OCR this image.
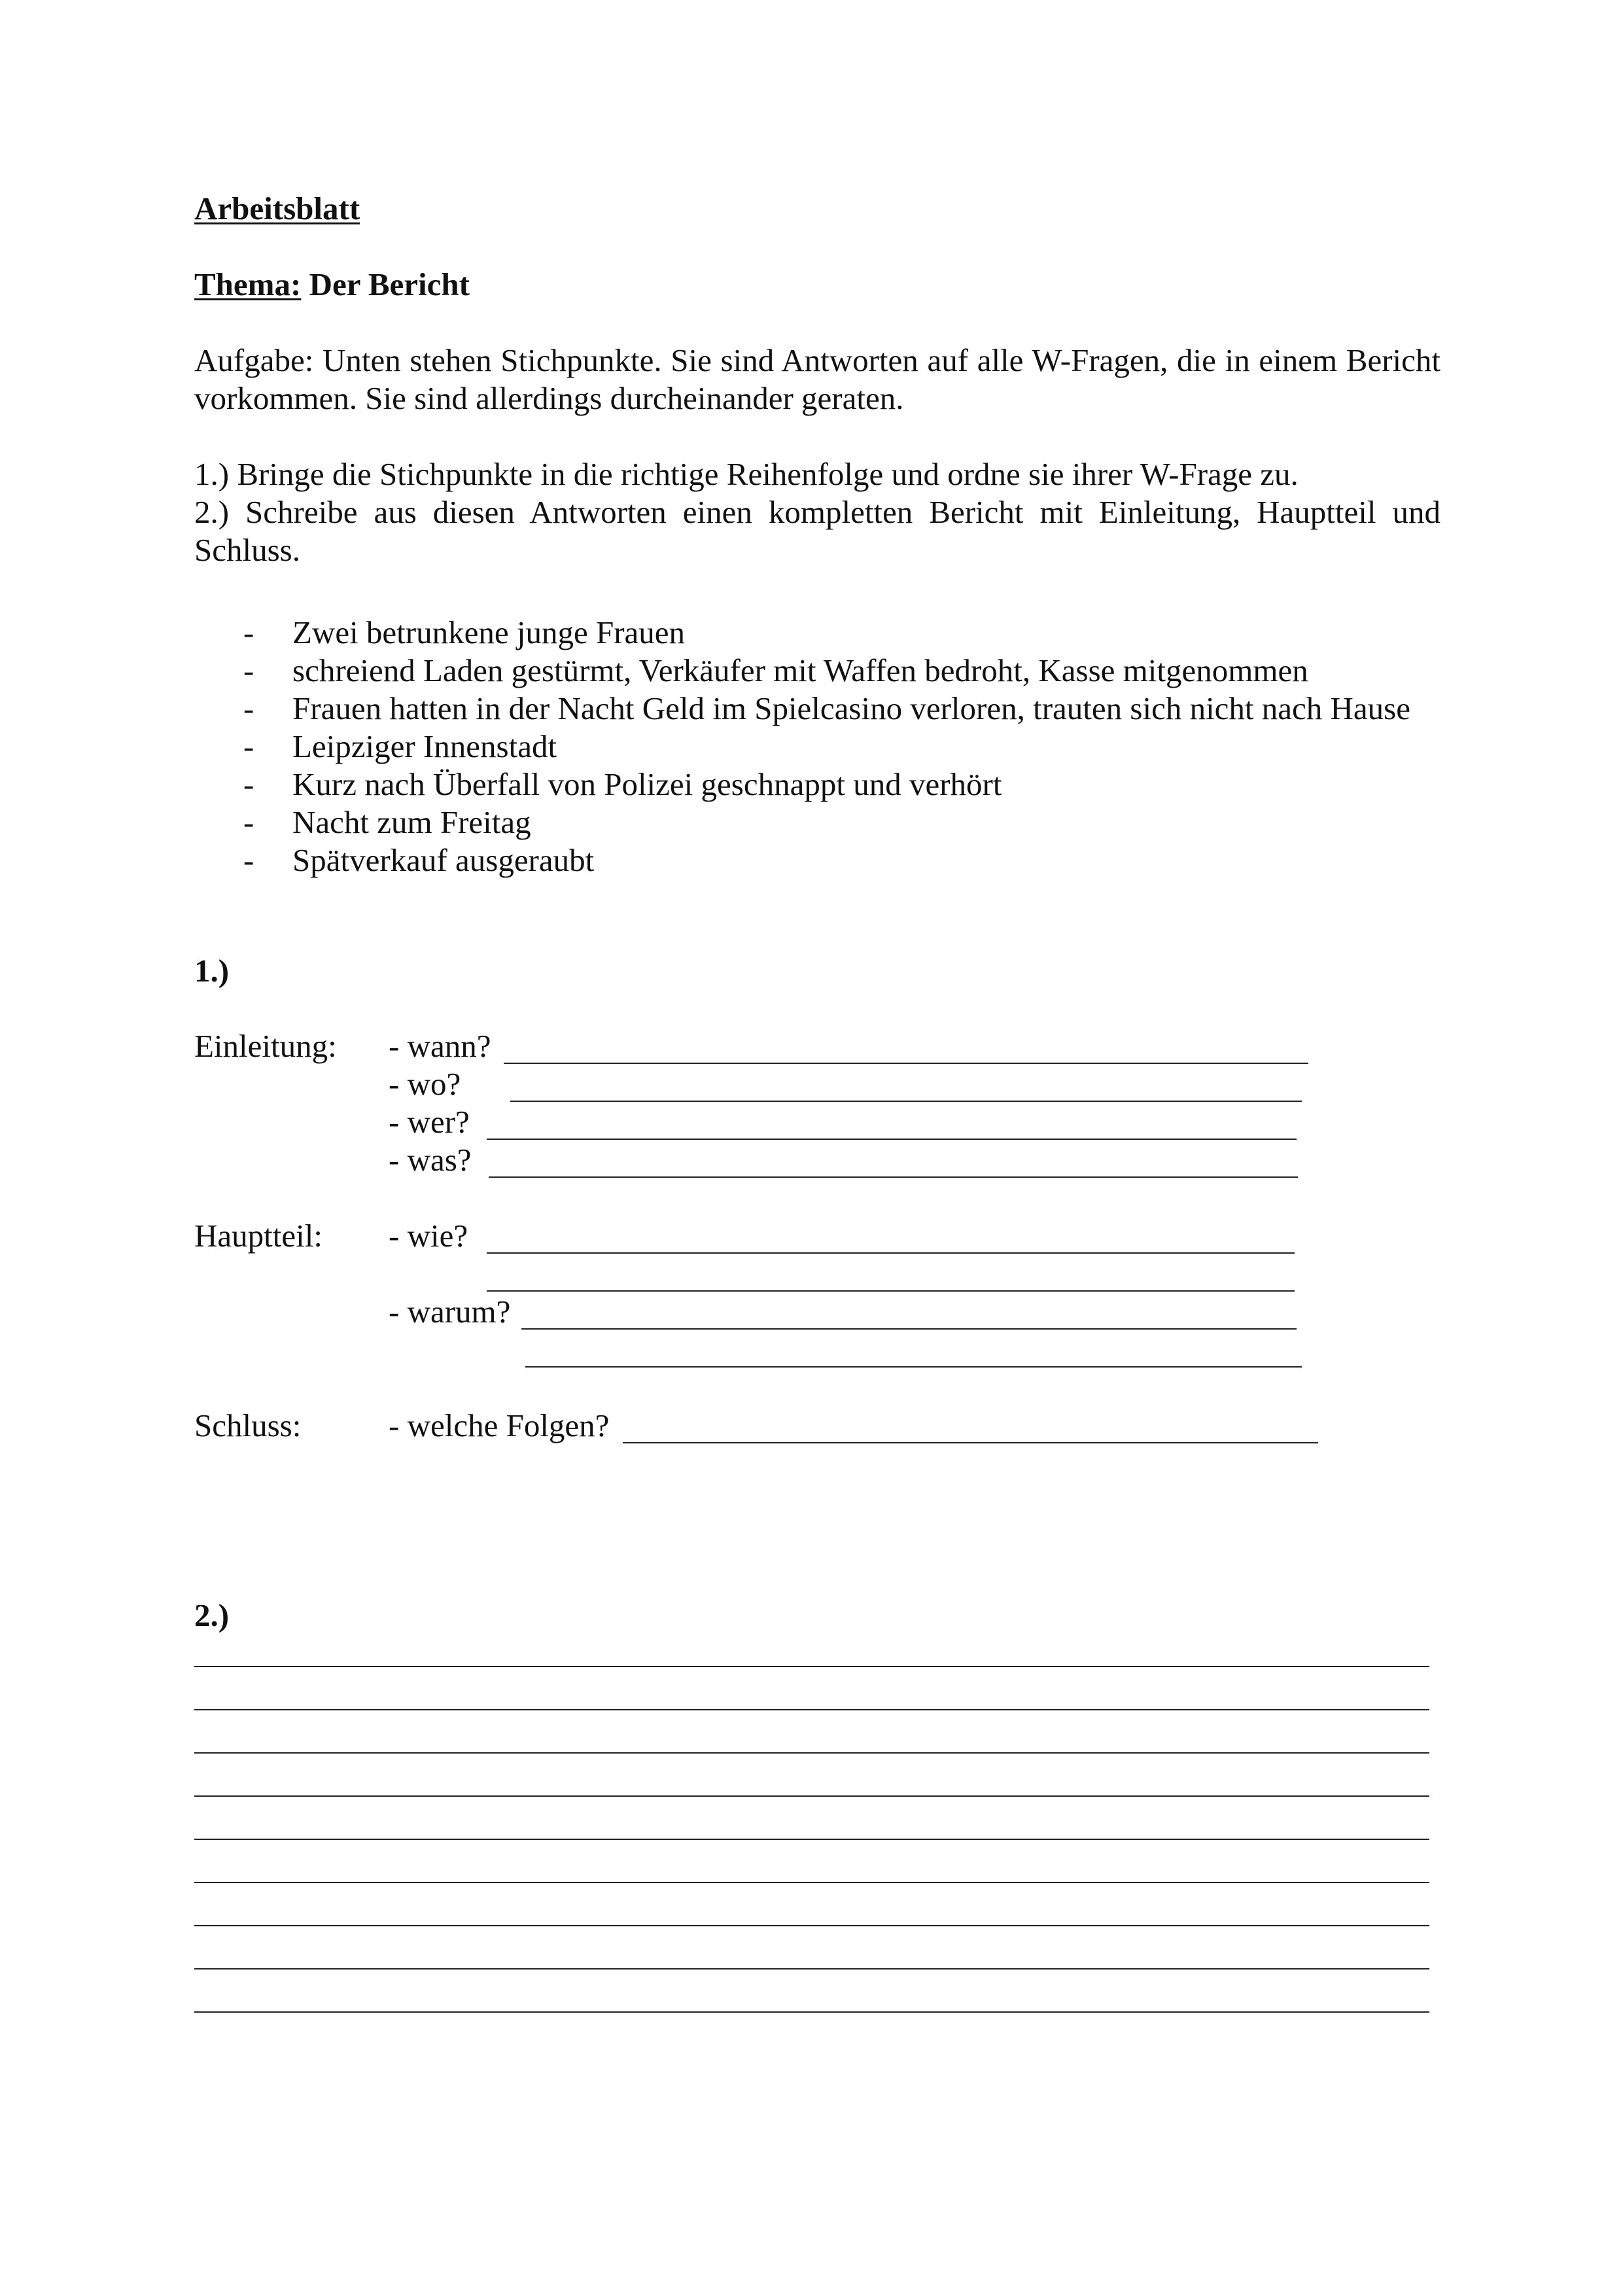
Arbeitsblatt
Thema: Der Bericht
Aufgabe: Unten stehen Stichpunkte. Sie sind Antworten auf alle W-Fragen, die in einem Bericht vorkommen. Sie sind allerdings durcheinander geraten.
1.) Bringe die Stichpunkte in die richtige Reihenfolge und ordne sie ihrer W-Frage zu.
2.) Schreibe aus diesen Antworten einen kompletten Bericht mit Einleitung, Hauptteil und Schluss.
- Zwei betrunkene junge Frauen
- schreiend Laden gestürmt, Verkäufer mit Waffen bedroht, Kasse mitgenommen
- Frauen hatten in der Nacht Geld im Spielcasino verloren, trauten sich nicht nach Hause
- Leipziger Innenstadt
- Kurz nach Überfall von Polizei geschnappt und verhört
- Nacht zum Freitag
- Spätverkauf ausgeraubt
1.)
Einleitung: - wann?
- wo?
- wer?
- was?
Hauptteil: - wie?
- warum?
Schluss:	- welche Folgen?
2.)
